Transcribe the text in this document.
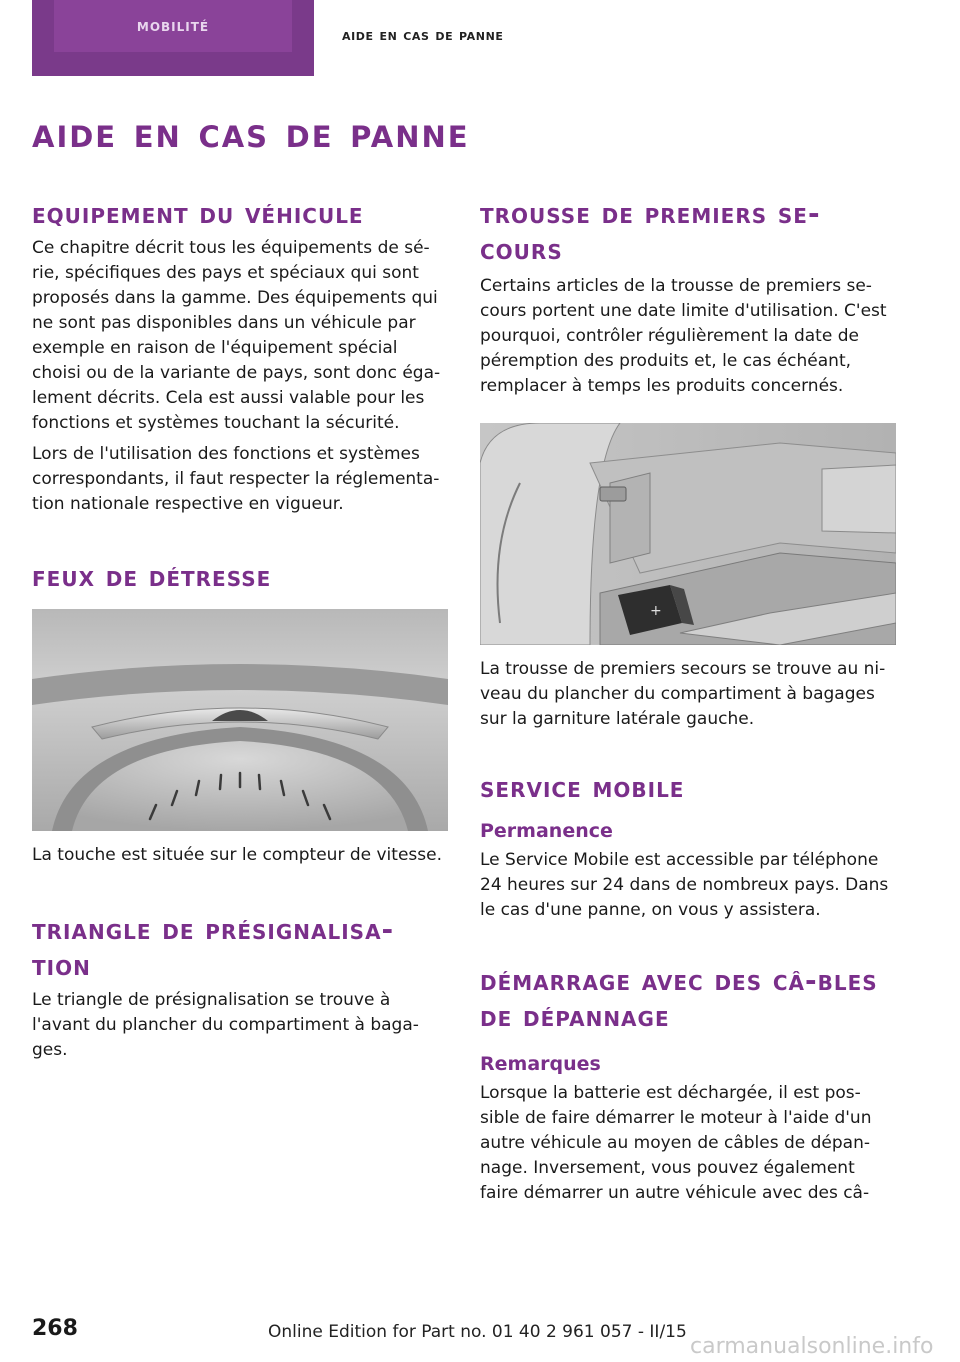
mobilité	aide en cas de panne
aide en cas de panne
equipement du véhicule

Ce chapitre décrit tous les équipements de sé-rie, spécifiques des pays et spéciaux qui sont proposés dans la gamme. Des équipements qui ne sont pas disponibles dans un véhicule par exemple en raison de l'équipement spécial choisi ou de la variante de pays, sont donc éga-lement décrits. Cela est aussi valable pour les fonctions et systèmes touchant la sécurité.

Lors de l'utilisation des fonctions et systèmes correspondants, il faut respecter la réglementa-tion nationale respective en vigueur.

feux de détresse

La touche est située sur le compteur de vitesse.

triangle de présignalisa-tion

Le triangle de présignalisation se trouve à l'avant du plancher du compartiment à baga-ges.

trousse de premiers se-cours

Certains articles de la trousse de premiers se-cours portent une date limite d'utilisation. C'est pourquoi, contrôler régulièrement la date de péremption des produits et, le cas échéant, remplacer à temps les produits concernés.

+

La trousse de premiers secours se trouve au ni-veau du plancher du compartiment à bagages sur la garniture latérale gauche.

service mobile
Permanence

Le Service Mobile est accessible par téléphone 24 heures sur 24 dans de nombreux pays. Dans le cas d'une panne, on vous y assistera.

démarrage avec des câ-bles de dépannage
Remarques

Lorsque la batterie est déchargée, il est pos-sible de faire démarrer le moteur à l'aide d'un autre véhicule au moyen de câbles de dépan-nage. Inversement, vous pouvez également faire démarrer un autre véhicule avec des câ-

268	Online Edition for Part no. 01 40 2 961 057 - II/15
carmanualsonline.info
